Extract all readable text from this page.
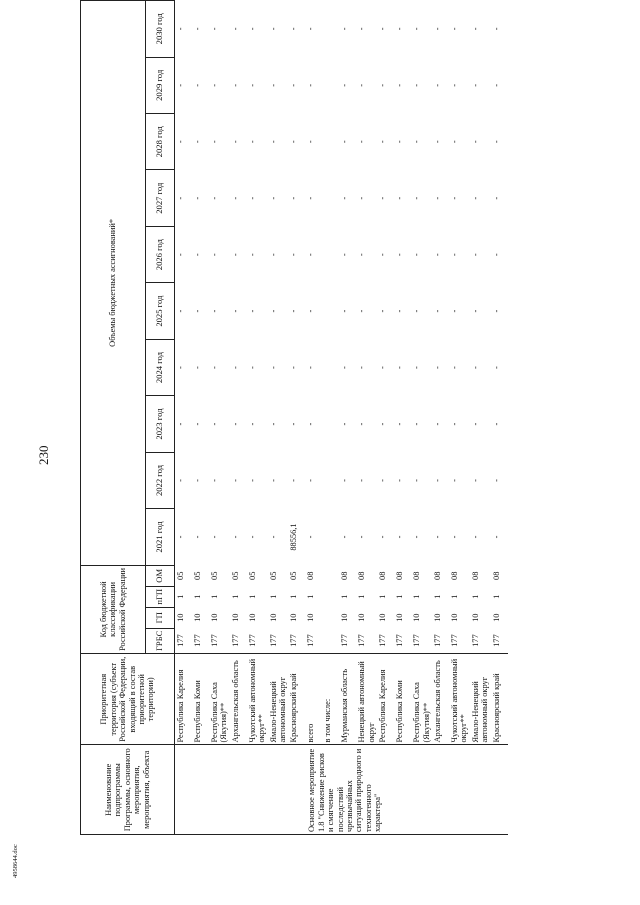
230
Наименование подпрограммы Программы, основного мероприятия, мероприятия, объекта	Приоритетная территория (субъект Российской Федерации, входящий в состав приоритетной территории)	Код бюджетной классификации Российской Федерации				Объемы бюджетных ассигнований*									
		ГРБС	ГП	пГП	ОМ	2021 год	2022 год	2023 год	2024 год	2025 год	2026 год	2027 год	2028 год	2029 год	2030 год
	Республика Карелия	177	10	1	05	-	-	-	-	-	-	-	-	-	-
	Республика Коми	177	10	1	05	-	-	-	-	-	-	-	-	-	-
	Республика Саха (Якутия)**	177	10	1	05	-	-	-	-	-	-	-	-	-	-
	Архангельская область	177	10	1	05	-	-	-	-	-	-	-	-	-	-
	Чукотский автономный округ**	177	10	1	05	-	-	-	-	-	-	-	-	-	-
	Ямало-Ненецкий автономный округ	177	10	1	05	-	-	-	-	-	-	-	-	-	-
	Красноярский край	177	10	1	05	88556,1	-	-	-	-	-	-	-	-	-
Основное мероприятие 1.8 "Снижение рисков и смягчение последствий чрезвычайных ситуаций природного и техногенного характера"	всего	177	10	1	08	-	-	-	-	-	-	-	-	-	-
	в том числе:														
	Мурманская область	177	10	1	08	-	-	-	-	-	-	-	-	-	-
	Ненецкий автономный округ	177	10	1	08	-	-	-	-	-	-	-	-	-	-
	Республика Карелия	177	10	1	08	-	-	-	-	-	-	-	-	-	-
	Республика Коми	177	10	1	08	-	-	-	-	-	-	-	-	-	-
	Республика Саха (Якутия)**	177	10	1	08	-	-	-	-	-	-	-	-	-	-
	Архангельская область	177	10	1	08	-	-	-	-	-	-	-	-	-	-
	Чукотский автономный округ**	177	10	1	08	-	-	-	-	-	-	-	-	-	-
	Ямало-Ненецкий автономный округ	177	10	1	08	-	-	-	-	-	-	-	-	-	-
	Красноярский край	177	10	1	08	-	-	-	-	-	-	-	-	-	-
4958644.doc
